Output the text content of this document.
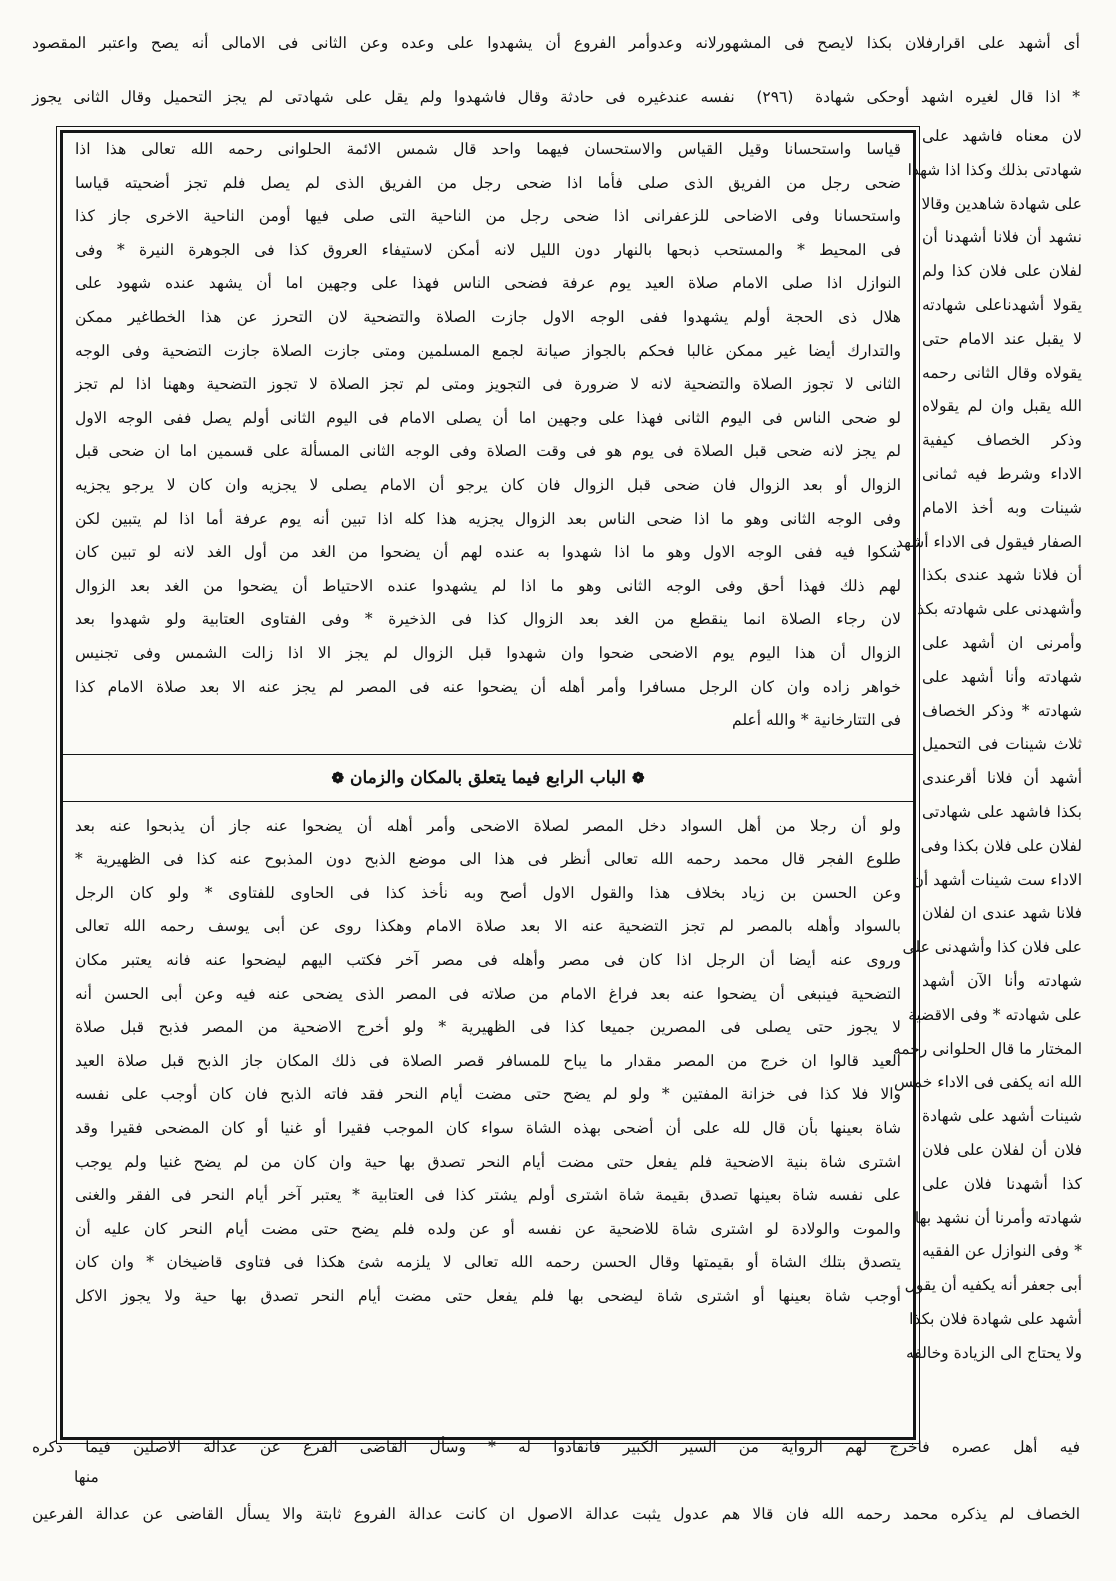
أى أشهد على اقرارفلان بكذا لايصح فى المشهورلانه وعدوأمر الفروع أن يشهدوا على وعده وعن الثانى فى الامالى أنه يصح واعتبر المقصود
* اذا قال لغيره اشهد أوحكى شهادة (٢٩٦) نفسه عندغيره فى حادثة وقال فاشهدوا ولم يقل على شهادتى لم يجز التحميل وقال الثانى يجوز

لان معناه فاشهد على

شهادتى بذلك وكذا اذا شهدا

على شهادة شاهدين وقالا

نشهد أن فلانا أشهدنا أن

لفلان على فلان كذا ولم

يقولا أشهدناعلى شهادته

لا يقبل عند الامام حتى

يقولاه وقال الثانى رحمه

الله يقبل وان لم يقولاه

وذكر الخصاف كيفية

الاداء وشرط فيه ثمانى

شينات وبه أخذ الامام

الصفار فيقول فى الاداء أشهد

أن فلانا شهد عندى بكذا

وأشهدنى على شهادته بكذا

وأمرنى ان أشهد على

شهادته وأنا أشهد على

شهادته * وذكر الخصاف

ثلاث شينات فى التحميل

أشهد أن فلانا أقرعندى

بكذا فاشهد على شهادتى

لفلان على فلان بكذا وفى

الاداء ست شينات أشهد أن

فلانا شهد عندى ان لفلان

على فلان كذا وأشهدنى على

شهادته وأنا الآن أشهد

على شهادته * وفى الاقضية

المختار ما قال الحلوانى رحمه

الله انه يكفى فى الاداء خمس

شينات أشهد على شهادة

فلان أن لفلان على فلان

كذا أشهدنا فلان على

شهادته وأمرنا أن نشهد بها

* وفى النوازل عن الفقيه

أبى جعفر أنه يكفيه أن يقول

أشهد على شهادة فلان بكذا

ولا يحتاج الى الزيادة وخالفه

قياسا واستحسانا وقيل القياس والاستحسان فيهما واحد قال شمس الائمة الحلوانى رحمه الله تعالى هذا اذا

ضحى رجل من الفريق الذى صلى فأما اذا ضحى رجل من الفريق الذى لم يصل فلم تجز أضحيته قياسا

واستحسانا وفى الاضاحى للزعفرانى اذا ضحى رجل من الناحية التى صلى فيها أومن الناحية الاخرى جاز كذا

فى المحيط * والمستحب ذبحها بالنهار دون الليل لانه أمكن لاستيفاء العروق كذا فى الجوهرة النيرة * وفى

النوازل اذا صلى الامام صلاة العيد يوم عرفة فضحى الناس فهذا على وجهين اما أن يشهد عنده شهود على

هلال ذى الحجة أولم يشهدوا ففى الوجه الاول جازت الصلاة والتضحية لان التحرز عن هذا الخطاغير ممكن

والتدارك أيضا غير ممكن غالبا فحكم بالجواز صيانة لجمع المسلمين ومتى جازت الصلاة جازت التضحية وفى الوجه

الثانى لا تجوز الصلاة والتضحية لانه لا ضرورة فى التجويز ومتى لم تجز الصلاة لا تجوز التضحية وههنا اذا لم تجز

لو ضحى الناس فى اليوم الثانى فهذا على وجهين اما أن يصلى الامام فى اليوم الثانى أولم يصل ففى الوجه الاول

لم يجز لانه ضحى قبل الصلاة فى يوم هو فى وقت الصلاة وفى الوجه الثانى المسألة على قسمين اما ان ضحى قبل

الزوال أو بعد الزوال فان ضحى قبل الزوال فان كان يرجو أن الامام يصلى لا يجزيه وان كان لا يرجو يجزيه

وفى الوجه الثانى وهو ما اذا ضحى الناس بعد الزوال يجزيه هذا كله اذا تبين أنه يوم عرفة أما اذا لم يتبين لكن

شكوا فيه ففى الوجه الاول وهو ما اذا شهدوا به عنده لهم أن يضحوا من الغد من أول الغد لانه لو تبين كان

لهم ذلك فهذا أحق وفى الوجه الثانى وهو ما اذا لم يشهدوا عنده الاحتياط أن يضحوا من الغد بعد الزوال

لان رجاء الصلاة انما ينقطع من الغد بعد الزوال كذا فى الذخيرة * وفى الفتاوى العتابية ولو شهدوا بعد

الزوال أن هذا اليوم يوم الاضحى ضحوا وان شهدوا قبل الزوال لم يجز الا اذا زالت الشمس وفى تجنيس

خواهر زاده وان كان الرجل مسافرا وأمر أهله أن يضحوا عنه فى المصر لم يجز عنه الا بعد صلاة الامام كذا

فى التتارخانية * والله أعلم

❁
الباب الرابع فيما يتعلق بالمكان والزمان
❁

ولو أن رجلا من أهل السواد دخل المصر لصلاة الاضحى وأمر أهله أن يضحوا عنه جاز أن يذبحوا عنه بعد

طلوع الفجر قال محمد رحمه الله تعالى أنظر فى هذا الى موضع الذبح دون المذبوح عنه كذا فى الظهيرية *

وعن الحسن بن زياد بخلاف هذا والقول الاول أصح وبه نأخذ كذا فى الحاوى للفتاوى * ولو كان الرجل

بالسواد وأهله بالمصر لم تجز التضحية عنه الا بعد صلاة الامام وهكذا روى عن أبى يوسف رحمه الله تعالى

وروى عنه أيضا أن الرجل اذا كان فى مصر وأهله فى مصر آخر فكتب اليهم ليضحوا عنه فانه يعتبر مكان

التضحية فينبغى أن يضحوا عنه بعد فراغ الامام من صلاته فى المصر الذى يضحى عنه فيه وعن أبى الحسن أنه

لا يجوز حتى يصلى فى المصرين جميعا كذا فى الظهيرية * ولو أخرج الاضحية من المصر فذبح قبل صلاة

العيد قالوا ان خرج من المصر مقدار ما يباح للمسافر قصر الصلاة فى ذلك المكان جاز الذبح قبل صلاة العيد

والا فلا كذا فى خزانة المفتين * ولو لم يضح حتى مضت أيام النحر فقد فاته الذبح فان كان أوجب على نفسه

شاة بعينها بأن قال لله على أن أضحى بهذه الشاة سواء كان الموجب فقيرا أو غنيا أو كان المضحى فقيرا وقد

اشترى شاة بنية الاضحية فلم يفعل حتى مضت أيام النحر تصدق بها حية وان كان من لم يضح غنيا ولم يوجب

على نفسه شاة بعينها تصدق بقيمة شاة اشترى أولم يشتر كذا فى العتابية * يعتبر آخر أيام النحر فى الفقر والغنى

والموت والولادة لو اشترى شاة للاضحية عن نفسه أو عن ولده فلم يضح حتى مضت أيام النحر كان عليه أن

يتصدق بتلك الشاة أو بقيمتها وقال الحسن رحمه الله تعالى لا يلزمه شئ هكذا فى فتاوى قاضيخان * وان كان

أوجب شاة بعينها أو اشترى شاة ليضحى بها فلم يفعل حتى مضت أيام النحر تصدق بها حية ولا يجوز الاكل

فيه أهل عصره فاخرج لهم الرواية من السير الكبير فانقادوا له * وسأل القاضى الفرع عن عدالة الاصلين فيما ذكره
منها
الخصاف لم يذكره محمد رحمه الله فان قالا هم عدول يثبت عدالة الاصول ان كانت عدالة الفروع ثابتة والا يسأل القاضى عن عدالة الفرعين
